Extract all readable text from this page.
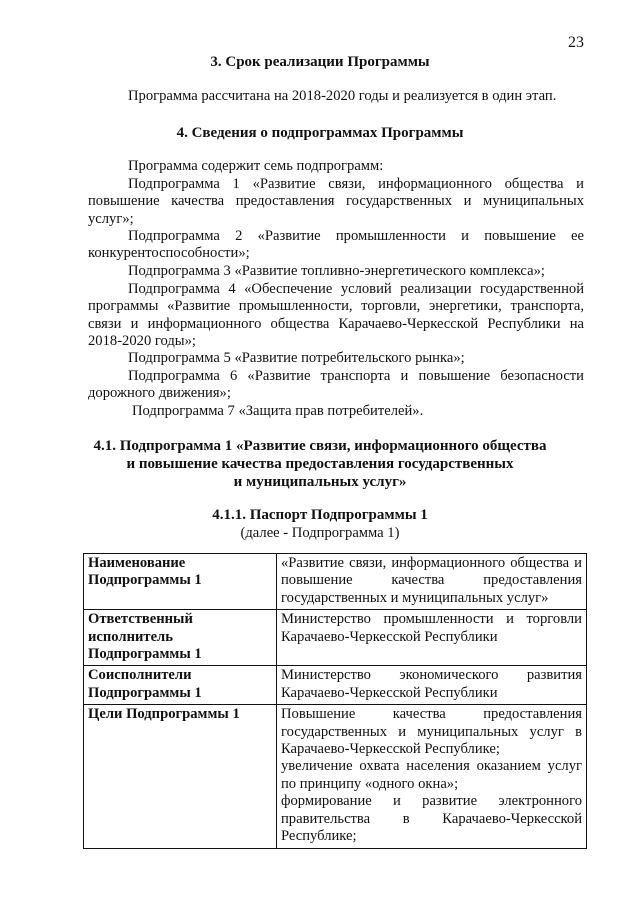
23
3. Срок реализации Программы
Программа рассчитана на 2018-2020 годы и реализуется в один этап.
4. Сведения о подпрограммах Программы
Программа содержит семь подпрограмм:
Подпрограмма 1 «Развитие связи, информационного общества и повышение качества предоставления государственных и муниципальных услуг»;
Подпрограмма 2 «Развитие промышленности и повышение ее конкурентоспособности»;
Подпрограмма 3 «Развитие топливно-энергетического комплекса»;
Подпрограмма 4 «Обеспечение условий реализации государственной программы «Развитие промышленности, торговли, энергетики, транспорта, связи и информационного общества Карачаево-Черкесской Республики на 2018-2020 годы»;
Подпрограмма 5 «Развитие потребительского рынка»;
Подпрограмма 6 «Развитие транспорта и повышение безопасности дорожного движения»;
Подпрограмма 7 «Защита прав потребителей».
4.1. Подпрограмма 1 «Развитие связи, информационного общества
и повышение качества предоставления государственных
и муниципальных услуг»
4.1.1. Паспорт Подпрограммы 1
(далее - Подпрограмма 1)
Наименование Подпрограммы 1	«Развитие связи, информационного общества и повышение качества предоставления государственных и муниципальных услуг»

Ответственный исполнитель Подпрограммы 1	Министерство промышленности и торговли Карачаево-Черкесской Республики

Соисполнители Подпрограммы 1	Министерство экономического развития Карачаево-Черкесской Республики

Цели Подпрограммы 1	Повышение качества предоставления государственных и муниципальных услуг в Карачаево-Черкесской Республике;
увеличение охвата населения оказанием услуг по принципу «одного окна»;
формирование и развитие электронного правительства в Карачаево-Черкесской Республике;
